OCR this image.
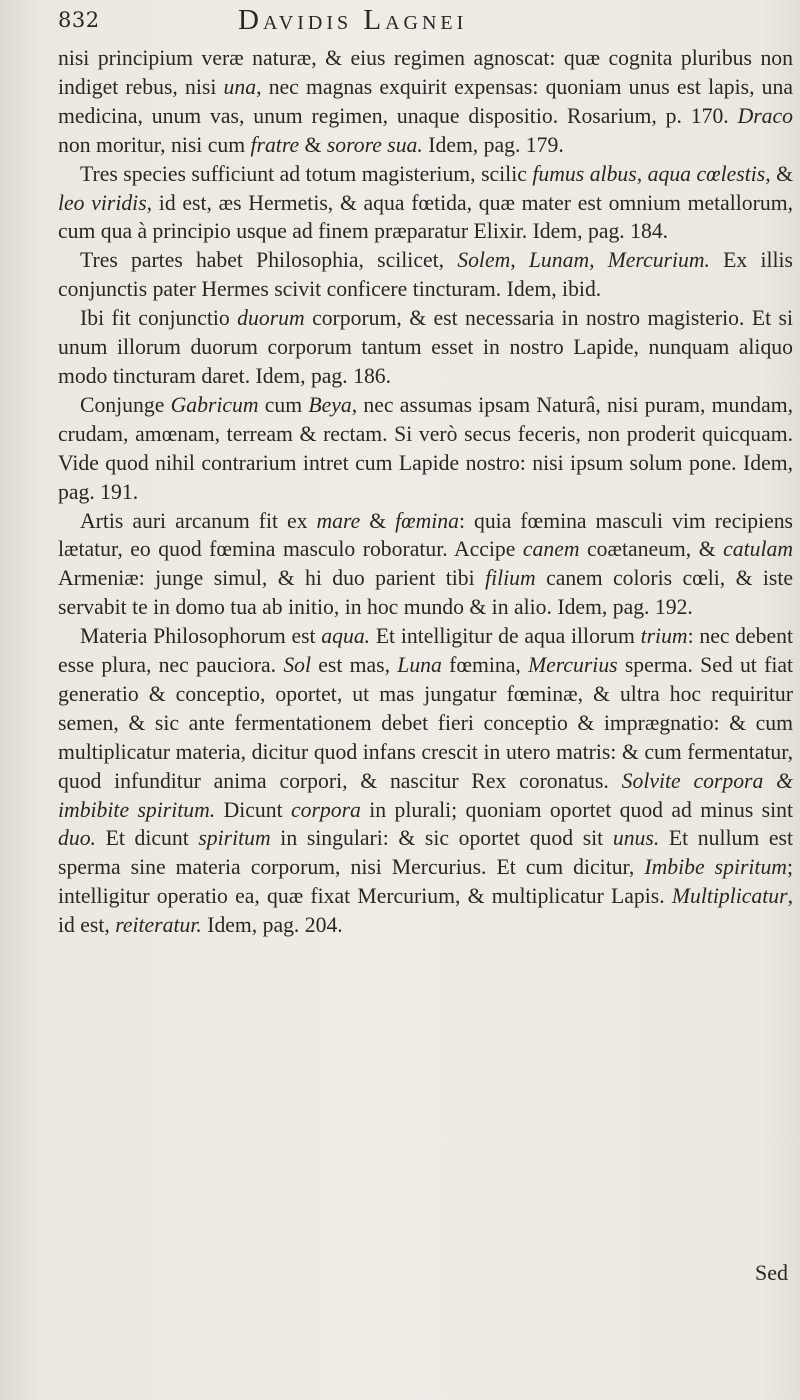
832	Davidis Lagnei

nisi principium veræ naturæ, & eius regimen agnoscat: quæ cognita pluribus non indiget rebus, nisi una, nec magnas exquirit expensas: quoniam unus est lapis, una medicina, unum vas, unum regimen, unaque dispositio. Rosarium, p. 170. Draco non moritur, nisi cum fratre & sorore sua. Idem, pag. 179.

Tres species sufficiunt ad totum magisterium, scilic fumus albus, aqua cœlestis, & leo viridis, id est, æs Hermetis, & aqua fœtida, quæ mater est omnium metallorum, cum qua à principio usque ad finem præparatur Elixir. Idem, pag. 184.

Tres partes habet Philosophia, scilicet, Solem, Lunam, Mercurium. Ex illis conjunctis pater Hermes scivit conficere tincturam. Idem, ibid.

Ibi fit conjunctio duorum corporum, & est necessaria in nostro magisterio. Et si unum illorum duorum corporum tantum esset in nostro Lapide, nunquam aliquo modo tincturam daret. Idem, pag. 186.

Conjunge Gabricum cum Beya, nec assumas ipsam Naturâ, nisi puram, mundam, crudam, amœnam, terream & rectam. Si verò secus feceris, non proderit quicquam. Vide quod nihil contrarium intret cum Lapide nostro: nisi ipsum solum pone. Idem, pag. 191.

Artis auri arcanum fit ex mare & fœmina: quia fœmina masculi vim recipiens lætatur, eo quod fœmina masculo roboratur. Accipe canem coætaneum, & catulam Armeniæ: junge simul, & hi duo parient tibi filium canem coloris cœli, & iste servabit te in domo tua ab initio, in hoc mundo & in alio. Idem, pag. 192.

Materia Philosophorum est aqua. Et intelligitur de aqua illorum trium: nec debent esse plura, nec pauciora. Sol est mas, Luna fœmina, Mercurius sperma. Sed ut fiat generatio & conceptio, oportet, ut mas jungatur fœminæ, & ultra hoc requiritur semen, & sic ante fermentationem debet fieri conceptio & imprægnatio: & cum multiplicatur materia, dicitur quod infans crescit in utero matris: & cum fermentatur, quod infunditur anima corpori, & nascitur Rex coronatus. Solvite corpora & imbibite spiritum. Dicunt corpora in plurali; quoniam oportet quod ad minus sint duo. Et dicunt spiritum in singulari: & sic oportet quod sit unus. Et nullum est sperma sine materia corporum, nisi Mercurius. Et cum dicitur, Imbibe spiritum; intelligitur operatio ea, quæ fixat Mercurium, & multiplicatur Lapis. Multiplicatur, id est, reiteratur. Idem, pag. 204.

Sed
